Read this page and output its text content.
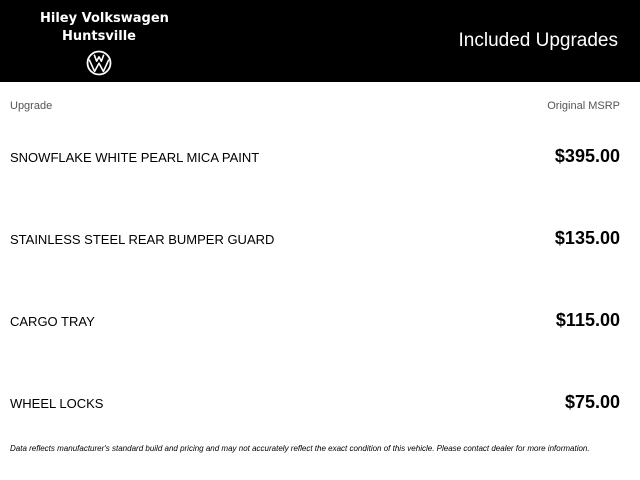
Hiley Volkswagen
Huntsville	Included Upgrades
Upgrade	Original MSRP
SNOWFLAKE WHITE PEARL MICA PAINT	$395.00
STAINLESS STEEL REAR BUMPER GUARD	$135.00
CARGO TRAY	$115.00
WHEEL LOCKS	$75.00
Data reflects manufacturer's standard build and pricing and may not accurately reflect the exact condition of this vehicle. Please contact dealer for more information.
